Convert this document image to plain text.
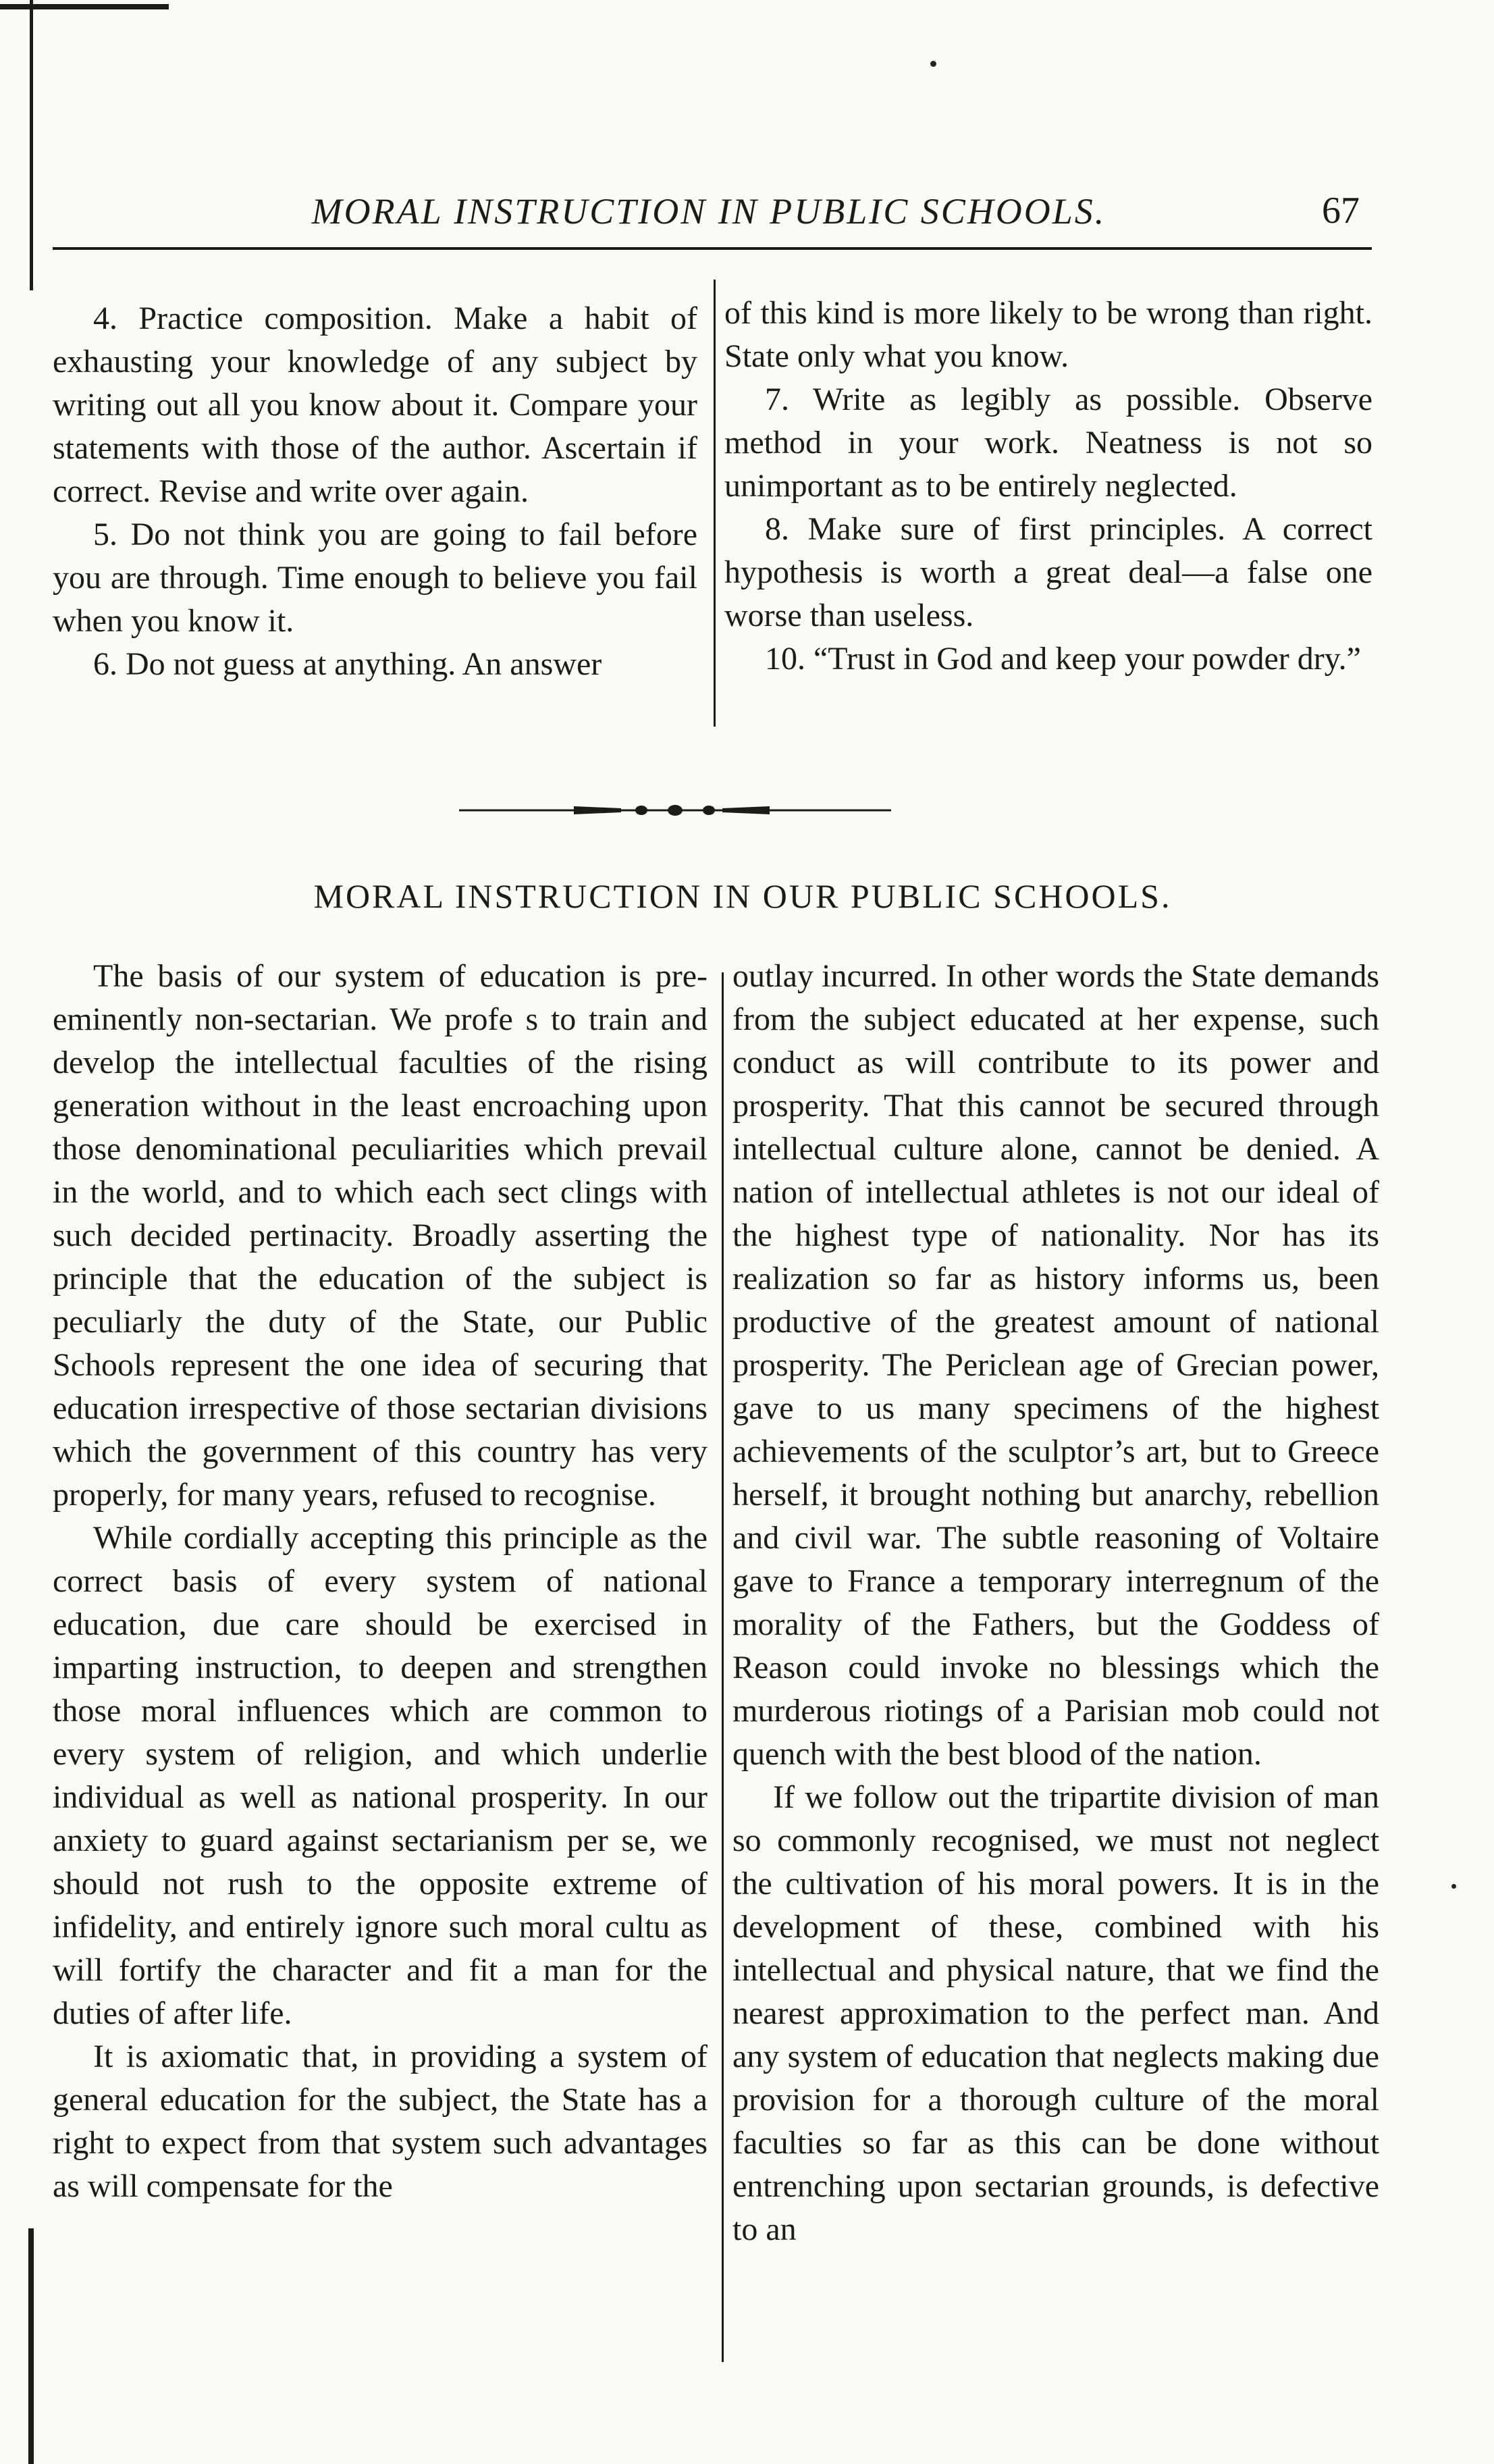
MORAL INSTRUCTION IN PUBLIC SCHOOLS.	67

4. Practice composition. Make a habit of exhausting your knowledge of any subject by writing out all you know about it. Compare your statements with those of the author. Ascertain if correct. Revise and write over again.

5. Do not think you are going to fail before you are through. Time enough to believe you fail when you know it.

6. Do not guess at anything. An answer

of this kind is more likely to be wrong than right. State only what you know.

7. Write as legibly as possible. Observe method in your work. Neatness is not so unimportant as to be entirely neglected.

8. Make sure of first principles. A correct hypothesis is worth a great deal—a false one worse than useless.

10. “Trust in God and keep your powder dry.”

MORAL INSTRUCTION IN OUR PUBLIC SCHOOLS.

The basis of our system of education is pre-eminently non-sectarian. We profe s to train and develop the intellectual faculties of the rising generation without in the least encroaching upon those denominational peculiarities which prevail in the world, and to which each sect clings with such decided pertinacity. Broadly asserting the principle that the education of the subject is peculiarly the duty of the State, our Public Schools represent the one idea of securing that education irrespective of those sectarian divisions which the government of this country has very properly, for many years, refused to recognise.

While cordially accepting this principle as the correct basis of every system of national education, due care should be exercised in imparting instruction, to deepen and strengthen those moral influences which are common to every system of religion, and which underlie individual as well as national prosperity. In our anxiety to guard against sectarianism per se, we should not rush to the opposite extreme of infidelity, and entirely ignore such moral cultu as will fortify the character and fit a man for the duties of after life.

It is axiomatic that, in providing a system of general education for the subject, the State has a right to expect from that system such advantages as will compensate for the

outlay incurred. In other words the State demands from the subject educated at her expense, such conduct as will contribute to its power and prosperity. That this cannot be secured through intellectual culture alone, cannot be denied. A nation of intellectual athletes is not our ideal of the highest type of nationality. Nor has its realization so far as history informs us, been productive of the greatest amount of national prosperity. The Periclean age of Grecian power, gave to us many specimens of the highest achievements of the sculptor’s art, but to Greece herself, it brought nothing but anarchy, rebellion and civil war. The subtle reasoning of Voltaire gave to France a temporary interregnum of the morality of the Fathers, but the Goddess of Reason could invoke no blessings which the murderous riotings of a Parisian mob could not quench with the best blood of the nation.

If we follow out the tripartite division of man so commonly recognised, we must not neglect the cultivation of his moral powers. It is in the development of these, combined with his intellectual and physical nature, that we find the nearest approximation to the perfect man. And any system of education that neglects making due provision for a thorough culture of the moral faculties so far as this can be done without entrenching upon sectarian grounds, is defective to an
